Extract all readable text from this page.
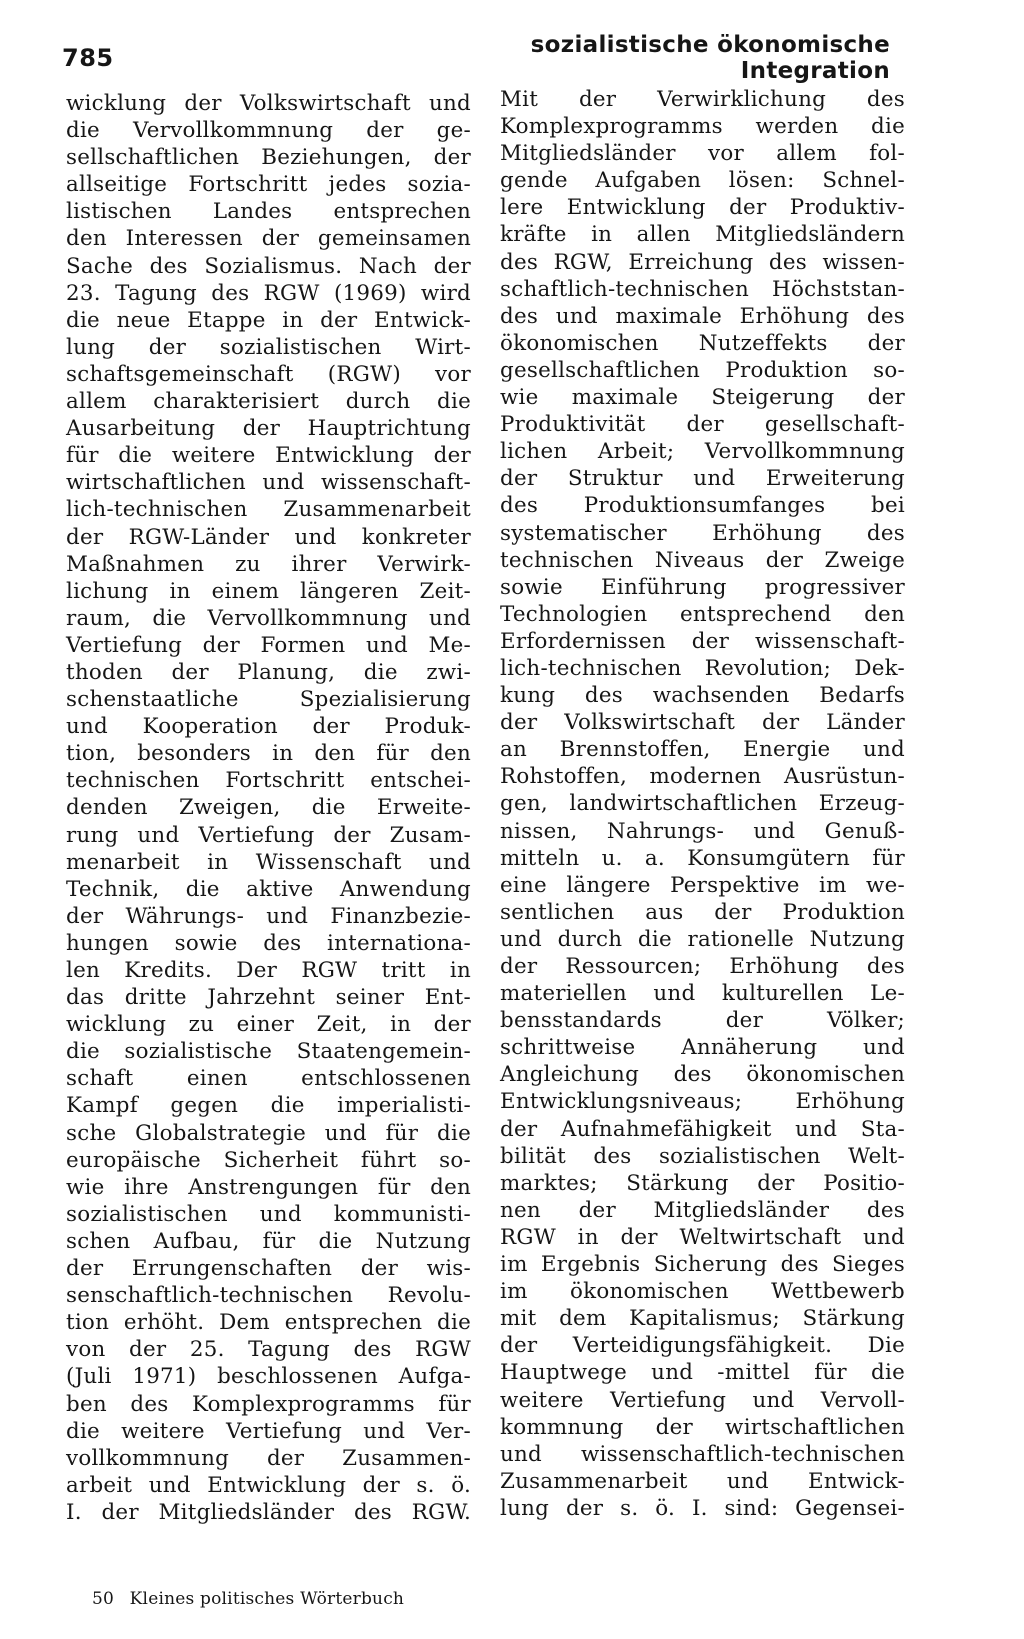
785	sozialistische ökonomische Integration
wicklung der Volkswirtschaft und
die Vervollkommnung der ge-
sellschaftlichen Beziehungen, der
allseitige Fortschritt jedes sozia-
listischen Landes entsprechen
den Interessen der gemeinsamen
Sache des Sozialismus. Nach der
23. Tagung des RGW (1969) wird
die neue Etappe in der Entwick-
lung der sozialistischen Wirt-
schaftsgemeinschaft (RGW) vor
allem charakterisiert durch die
Ausarbeitung der Hauptrichtung
für die weitere Entwicklung der
wirtschaftlichen und wissenschaft-
lich-technischen Zusammenarbeit
der RGW-Länder und konkreter
Maßnahmen zu ihrer Verwirk-
lichung in einem längeren Zeit-
raum, die Vervollkommnung und
Vertiefung der Formen und Me-
thoden der Planung, die zwi-
schenstaatliche Spezialisierung
und Kooperation der Produk-
tion, besonders in den für den
technischen Fortschritt entschei-
denden Zweigen, die Erweite-
rung und Vertiefung der Zusam-
menarbeit in Wissenschaft und
Technik, die aktive Anwendung
der Währungs- und Finanzbezie-
hungen sowie des internationa-
len Kredits. Der RGW tritt in
das dritte Jahrzehnt seiner Ent-
wicklung zu einer Zeit, in der
die sozialistische Staatengemein-
schaft einen entschlossenen
Kampf gegen die imperialisti-
sche Globalstrategie und für die
europäische Sicherheit führt so-
wie ihre Anstrengungen für den
sozialistischen und kommunisti-
schen Aufbau, für die Nutzung
der Errungenschaften der wis-
senschaftlich-technischen Revolu-
tion erhöht. Dem entsprechen die
von der 25. Tagung des RGW
(Juli 1971) beschlossenen Aufga-
ben des Komplexprogramms für
die weitere Vertiefung und Ver-
vollkommnung der Zusammen-
arbeit und Entwicklung der s. ö.
I. der Mitgliedsländer des RGW.
Mit der Verwirklichung des
Komplexprogramms werden die
Mitgliedsländer vor allem fol-
gende Aufgaben lösen: Schnel-
lere Entwicklung der Produktiv-
kräfte in allen Mitgliedsländern
des RGW, Erreichung des wissen-
schaftlich-technischen Höchststan-
des und maximale Erhöhung des
ökonomischen Nutzeffekts der
gesellschaftlichen Produktion so-
wie maximale Steigerung der
Produktivität der gesellschaft-
lichen Arbeit; Vervollkommnung
der Struktur und Erweiterung
des Produktionsumfanges bei
systematischer Erhöhung des
technischen Niveaus der Zweige
sowie Einführung progressiver
Technologien entsprechend den
Erfordernissen der wissenschaft-
lich-technischen Revolution; Dek-
kung des wachsenden Bedarfs
der Volkswirtschaft der Länder
an Brennstoffen, Energie und
Rohstoffen, modernen Ausrüstun-
gen, landwirtschaftlichen Erzeug-
nissen, Nahrungs- und Genuß-
mitteln u. a. Konsumgütern für
eine längere Perspektive im we-
sentlichen aus der Produktion
und durch die rationelle Nutzung
der Ressourcen; Erhöhung des
materiellen und kulturellen Le-
bensstandards der Völker;
schrittweise Annäherung und
Angleichung des ökonomischen
Entwicklungsniveaus; Erhöhung
der Aufnahmefähigkeit und Sta-
bilität des sozialistischen Welt-
marktes; Stärkung der Positio-
nen der Mitgliedsländer des
RGW in der Weltwirtschaft und
im Ergebnis Sicherung des Sieges
im ökonomischen Wettbewerb
mit dem Kapitalismus; Stärkung
der Verteidigungsfähigkeit. Die
Hauptwege und -mittel für die
weitere Vertiefung und Vervoll-
kommnung der wirtschaftlichen
und wissenschaftlich-technischen
Zusammenarbeit und Entwick-
lung der s. ö. I. sind: Gegensei-
50 Kleines politisches Wörterbuch
